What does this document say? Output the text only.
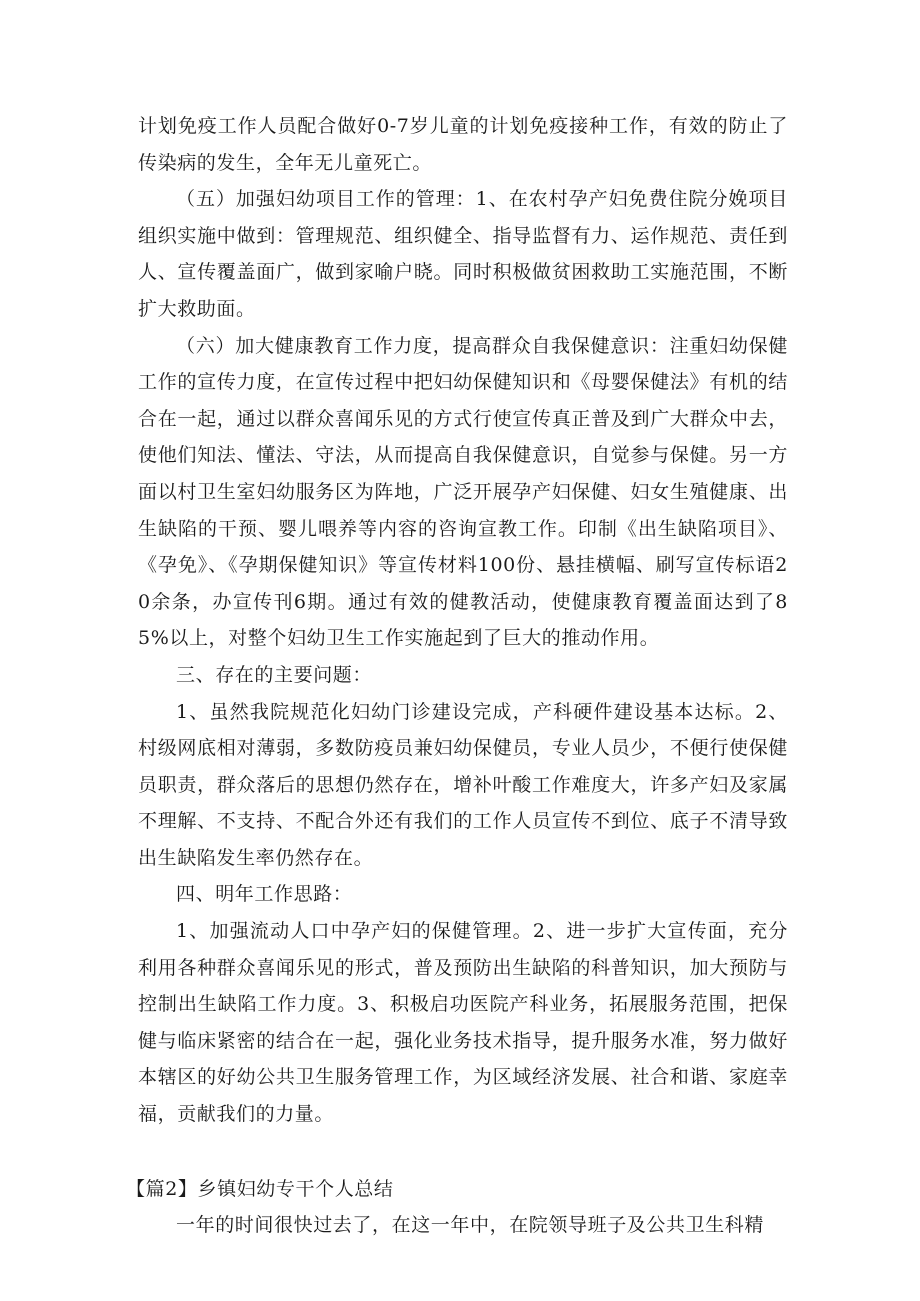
计划免疫工作人员配合做好0-7岁儿童的计划免疫接种工作，有效的防止了传染病的发生，全年无儿童死亡。

（五）加强妇幼项目工作的管理：1、在农村孕产妇免费住院分娩项目组织实施中做到：管理规范、组织健全、指导监督有力、运作规范、责任到人、宣传覆盖面广，做到家喻户晓。同时积极做贫困救助工实施范围，不断扩大救助面。

（六）加大健康教育工作力度，提高群众自我保健意识：注重妇幼保健工作的宣传力度，在宣传过程中把妇幼保健知识和《母婴保健法》有机的结合在一起，通过以群众喜闻乐见的方式行使宣传真正普及到广大群众中去，使他们知法、懂法、守法，从而提高自我保健意识，自觉参与保健。另一方面以村卫生室妇幼服务区为阵地，广泛开展孕产妇保健、妇女生殖健康、出生缺陷的干预、婴儿喂养等内容的咨询宣教工作。印制《出生缺陷项目》、《孕免》、《孕期保健知识》等宣传材料100份、悬挂横幅、刷写宣传标语20余条，办宣传刊6期。通过有效的健教活动，使健康教育覆盖面达到了85%以上，对整个妇幼卫生工作实施起到了巨大的推动作用。

三、存在的主要问题：

1、虽然我院规范化妇幼门诊建设完成，产科硬件建设基本达标。2、村级网底相对薄弱，多数防疫员兼妇幼保健员，专业人员少，不便行使保健员职责，群众落后的思想仍然存在，增补叶酸工作难度大，许多产妇及家属不理解、不支持、不配合外还有我们的工作人员宣传不到位、底子不清导致出生缺陷发生率仍然存在。

四、明年工作思路：

1、加强流动人口中孕产妇的保健管理。2、进一步扩大宣传面，充分利用各种群众喜闻乐见的形式，普及预防出生缺陷的科普知识，加大预防与控制出生缺陷工作力度。3、积极启功医院产科业务，拓展服务范围，把保健与临床紧密的结合在一起，强化业务技术指导，提升服务水准，努力做好本辖区的好幼公共卫生服务管理工作，为区域经济发展、社合和谐、家庭幸福，贡献我们的力量。

【篇2】乡镇妇幼专干个人总结

一年的时间很快过去了，在这一年中，在院领导班子及公共卫生科精
